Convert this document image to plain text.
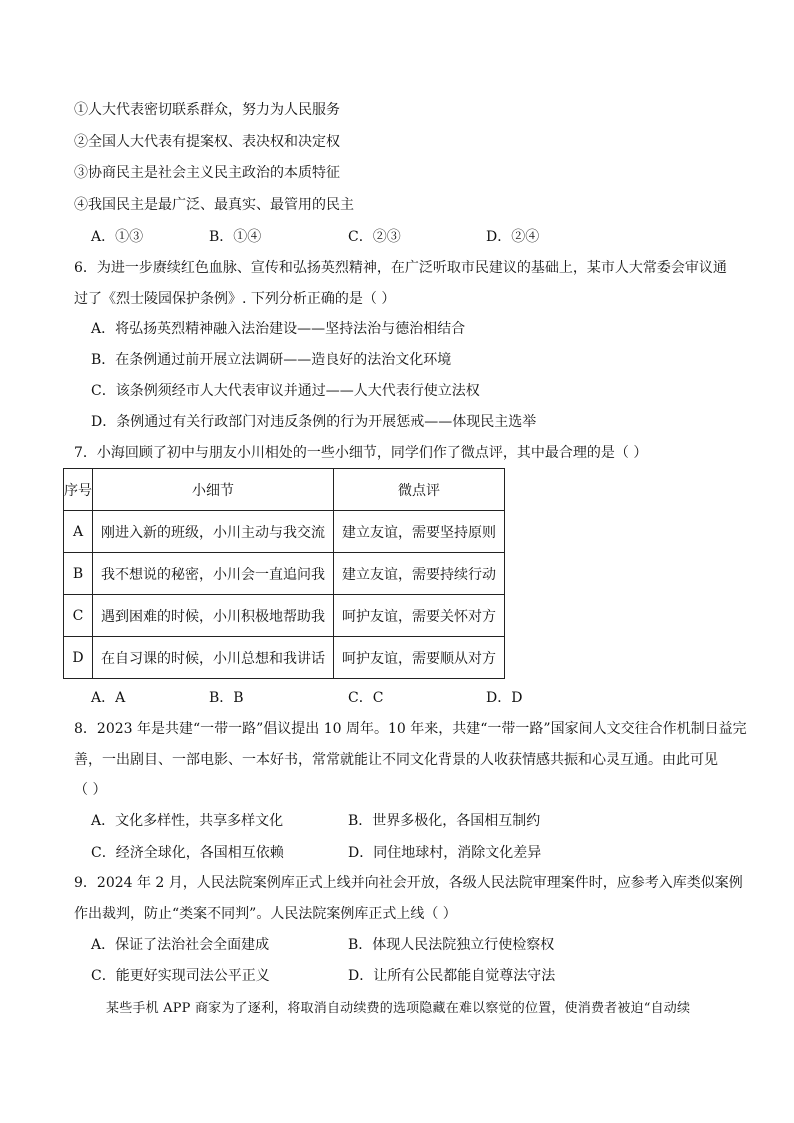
①人大代表密切联系群众，努力为人民服务
②全国人大代表有提案权、表决权和决定权
③协商民主是社会主义民主政治的本质特征
④我国民主是最广泛、最真实、最管用的民主
A．①③	B．①④	C．②③	D．②④
6．为进一步赓续红色血脉、宣传和弘扬英烈精神，在广泛听取市民建议的基础上，某市人大常委会审议通
过了《烈士陵园保护条例》. 下列分析正确的是（ ）
A．将弘扬英烈精神融入法治建设——坚持法治与德治相结合
B．在条例通过前开展立法调研——造良好的法治文化环境
C．该条例须经市人大代表审议并通过——人大代表行使立法权
D．条例通过有关行政部门对违反条例的行为开展惩戒——体现民主选举
7．小海回顾了初中与朋友小川相处的一些小细节，同学们作了微点评，其中最合理的是（ ）
序号	小细节	微点评
A	刚进入新的班级，小川主动与我交流	建立友谊，需要坚持原则
B	我不想说的秘密，小川会一直追问我	建立友谊，需要持续行动
C	遇到困难的时候，小川积极地帮助我	呵护友谊，需要关怀对方
D	在自习课的时候，小川总想和我讲话	呵护友谊，需要顺从对方
A．A	B．B	C．C	D．D
8．2023 年是共建“一带一路”倡议提出 10 周年。10 年来，共建“一带一路”国家间人文交往合作机制日益完
善，一出剧目、一部电影、一本好书，常常就能让不同文化背景的人收获情感共振和心灵互通。由此可见
（ ）
A．文化多样性，共享多样文化	B．世界多极化，各国相互制约
C．经济全球化，各国相互依赖	D．同住地球村，消除文化差异
9．2024 年 2 月，人民法院案例库正式上线并向社会开放，各级人民法院审理案件时，应参考入库类似案例
作出裁判，防止“类案不同判”。人民法院案例库正式上线（ ）
A．保证了法治社会全面建成	B．体现人民法院独立行使检察权
C．能更好实现司法公平正义	D．让所有公民都能自觉尊法守法
某些手机 APP 商家为了逐利，将取消自动续费的选项隐藏在难以察觉的位置，使消费者被迫“自动续
